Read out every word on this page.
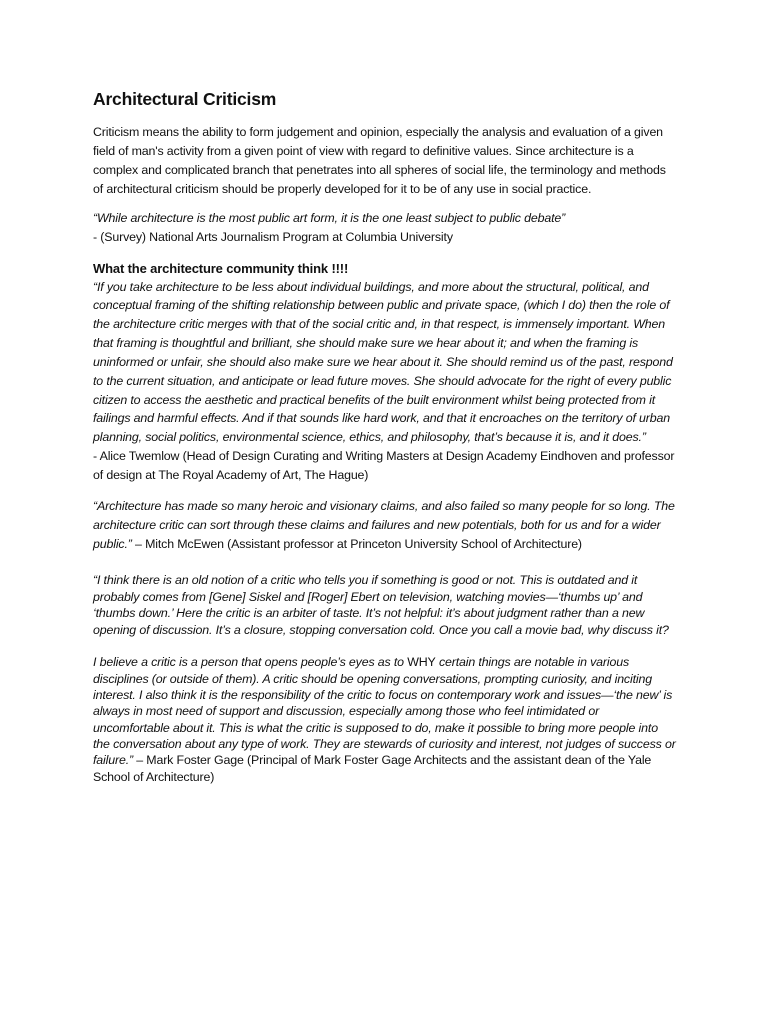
Architectural Criticism

Criticism means the ability to form judgement and opinion, especially the analysis and evaluation of a given field of man's activity from a given point of view with regard to definitive values. Since architecture is a complex and complicated branch that penetrates into all spheres of social life, the terminology and methods of architectural criticism should be properly developed for it to be of any use in social practice.

“While architecture is the most public art form, it is the one least subject to public debate”

- (Survey) National Arts Journalism Program at Columbia University

What the architecture community think !!!!

“If you take architecture to be less about individual buildings, and more about the structural, political, and conceptual framing of the shifting relationship between public and private space, (which I do) then the role of the architecture critic merges with that of the social critic and, in that respect, is immensely important. When that framing is thoughtful and brilliant, she should make sure we hear about it; and when the framing is uninformed or unfair, she should also make sure we hear about it. She should remind us of the past, respond to the current situation, and anticipate or lead future moves. She should advocate for the right of every public citizen to access the aesthetic and practical benefits of the built environment whilst being protected from it failings and harmful effects. And if that sounds like hard work, and that it encroaches on the territory of urban planning, social politics, environmental science, ethics, and philosophy, that’s because it is, and it does.”

- Alice Twemlow (Head of Design Curating and Writing Masters at Design Academy Eindhoven and professor of design at The Royal Academy of Art, The Hague)

“Architecture has made so many heroic and visionary claims, and also failed so many people for so long. The architecture critic can sort through these claims and failures and new potentials, both for us and for a wider public.” – Mitch McEwen (Assistant professor at Princeton University School of Architecture)

“I think there is an old notion of a critic who tells you if something is good or not. This is outdated and it probably comes from [Gene] Siskel and [Roger] Ebert on television, watching movies—‘thumbs up’ and ‘thumbs down.’ Here the critic is an arbiter of taste. It’s not helpful: it’s about judgment rather than a new opening of discussion. It’s a closure, stopping conversation cold. Once you call a movie bad, why discuss it?

I believe a critic is a person that opens people’s eyes as to WHY certain things are notable in various disciplines (or outside of them). A critic should be opening conversations, prompting curiosity, and inciting interest. I also think it is the responsibility of the critic to focus on contemporary work and issues—‘the new’ is always in most need of support and discussion, especially among those who feel intimidated or uncomfortable about it. This is what the critic is supposed to do, make it possible to bring more people into the conversation about any type of work. They are stewards of curiosity and interest, not judges of success or failure.” – Mark Foster Gage (Principal of Mark Foster Gage Architects and the assistant dean of the Yale School of Architecture)
